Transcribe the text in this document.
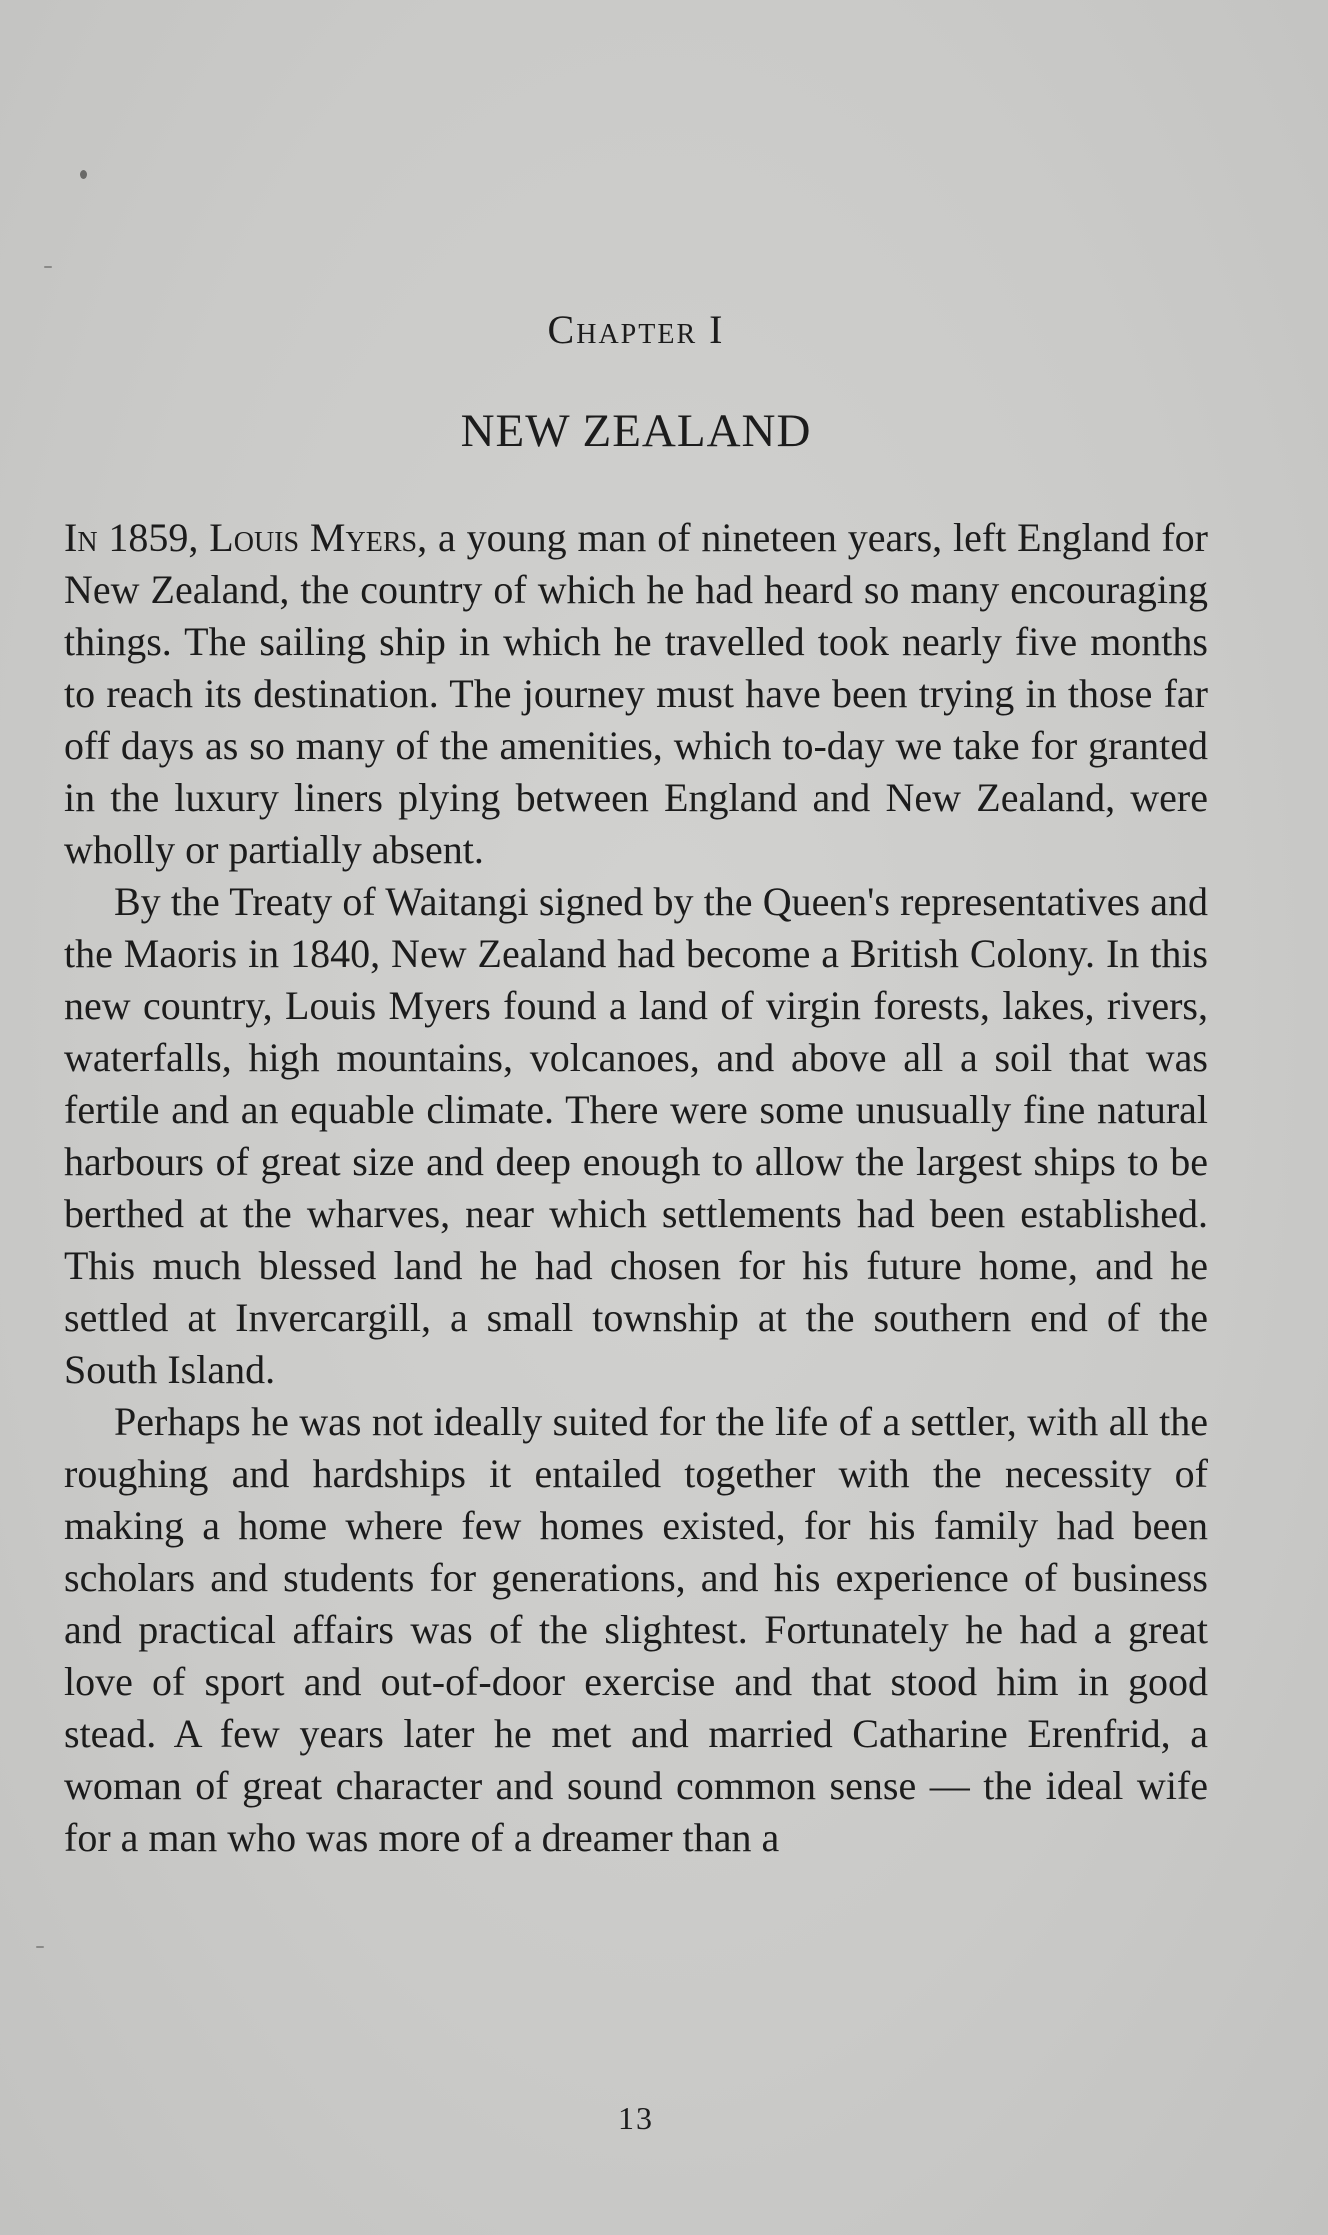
Chapter I
NEW ZEALAND

In 1859, Louis Myers, a young man of nineteen years, left England for New Zealand, the country of which he had heard so many encouraging things. The sailing ship in which he travelled took nearly five months to reach its destination. The journey must have been trying in those far off days as so many of the amenities, which to-day we take for granted in the luxury liners plying between England and New Zealand, were wholly or partially absent.

By the Treaty of Waitangi signed by the Queen's representatives and the Maoris in 1840, New Zealand had become a British Colony. In this new country, Louis Myers found a land of virgin forests, lakes, rivers, waterfalls, high mountains, volcanoes, and above all a soil that was fertile and an equable climate. There were some unusually fine natural harbours of great size and deep enough to allow the largest ships to be berthed at the wharves, near which settlements had been established. This much blessed land he had chosen for his future home, and he settled at Invercargill, a small township at the southern end of the South Island.

Perhaps he was not ideally suited for the life of a settler, with all the roughing and hardships it entailed together with the necessity of making a home where few homes existed, for his family had been scholars and students for generations, and his experience of business and practical affairs was of the slightest. Fortunately he had a great love of sport and out-of-door exercise and that stood him in good stead. A few years later he met and married Catharine Erenfrid, a woman of great character and sound common sense — the ideal wife for a man who was more of a dreamer than a

13
